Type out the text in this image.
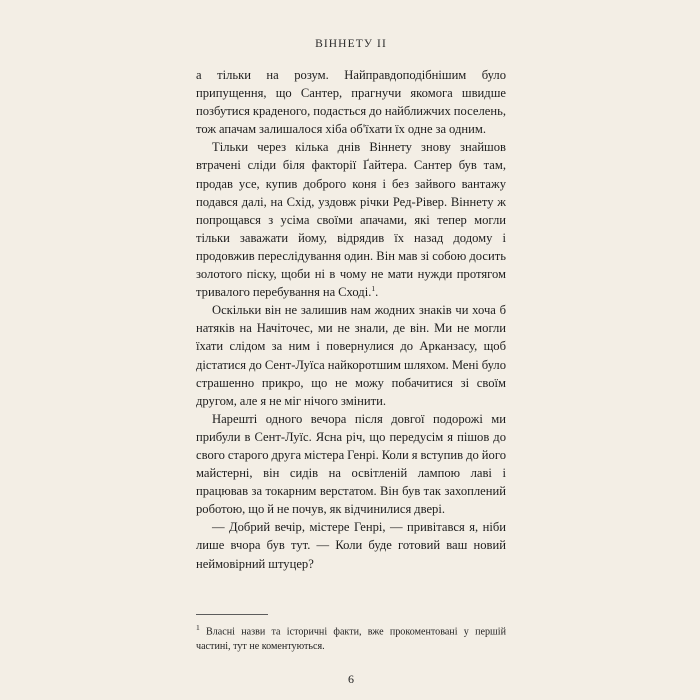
ВІННЕТУ II

а тільки на розум. Найправдоподібнішим було припущення, що Сантер, прагнучи якомога швидше позбутися краденого, подасться до найближчих поселень, тож апачам залишалося хіба об'їхати їх одне за одним.

Тільки через кілька днів Віннету знову знайшов втрачені сліди біля факторії Ґайтера. Сантер був там, продав усе, купив доброго коня і без зайвого вантажу подався далі, на Схід, уздовж річки Ред-Рівер. Віннету ж попрощався з усіма своїми апачами, які тепер могли тільки заважати йому, відрядив їх назад додому і продовжив переслідування один. Він мав зі собою досить золотого піску, щоби ні в чому не мати нужди протягом тривалого перебування на Сході.$^1$.

Оскільки він не залишив нам жодних знаків чи хоча б натяків на Начіточес, ми не знали, де він. Ми не могли їхати слідом за ним і повернулися до Арканзасу, щоб дістатися до Сент-Луїса найкоротшим шляхом. Мені було страшенно прикро, що не можу побачитися зі своїм другом, але я не міг нічого змінити.

Нарешті одного вечора після довгої подорожі ми прибули в Сент-Луїс. Ясна річ, що передусім я пішов до свого старого друга містера Генрі. Коли я вступив до його майстерні, він сидів на освітленій лампою лаві і працював за токарним верстатом. Він був так захоплений роботою, що й не почув, як відчинилися двері.

— Добрий вечір, містере Генрі, — привітався я, ніби лише вчора був тут. — Коли буде готовий ваш новий неймовірний штуцер?

$^1$ Власні назви та історичні факти, вже прокоментовані у першій частині, тут не коментуються.

6
